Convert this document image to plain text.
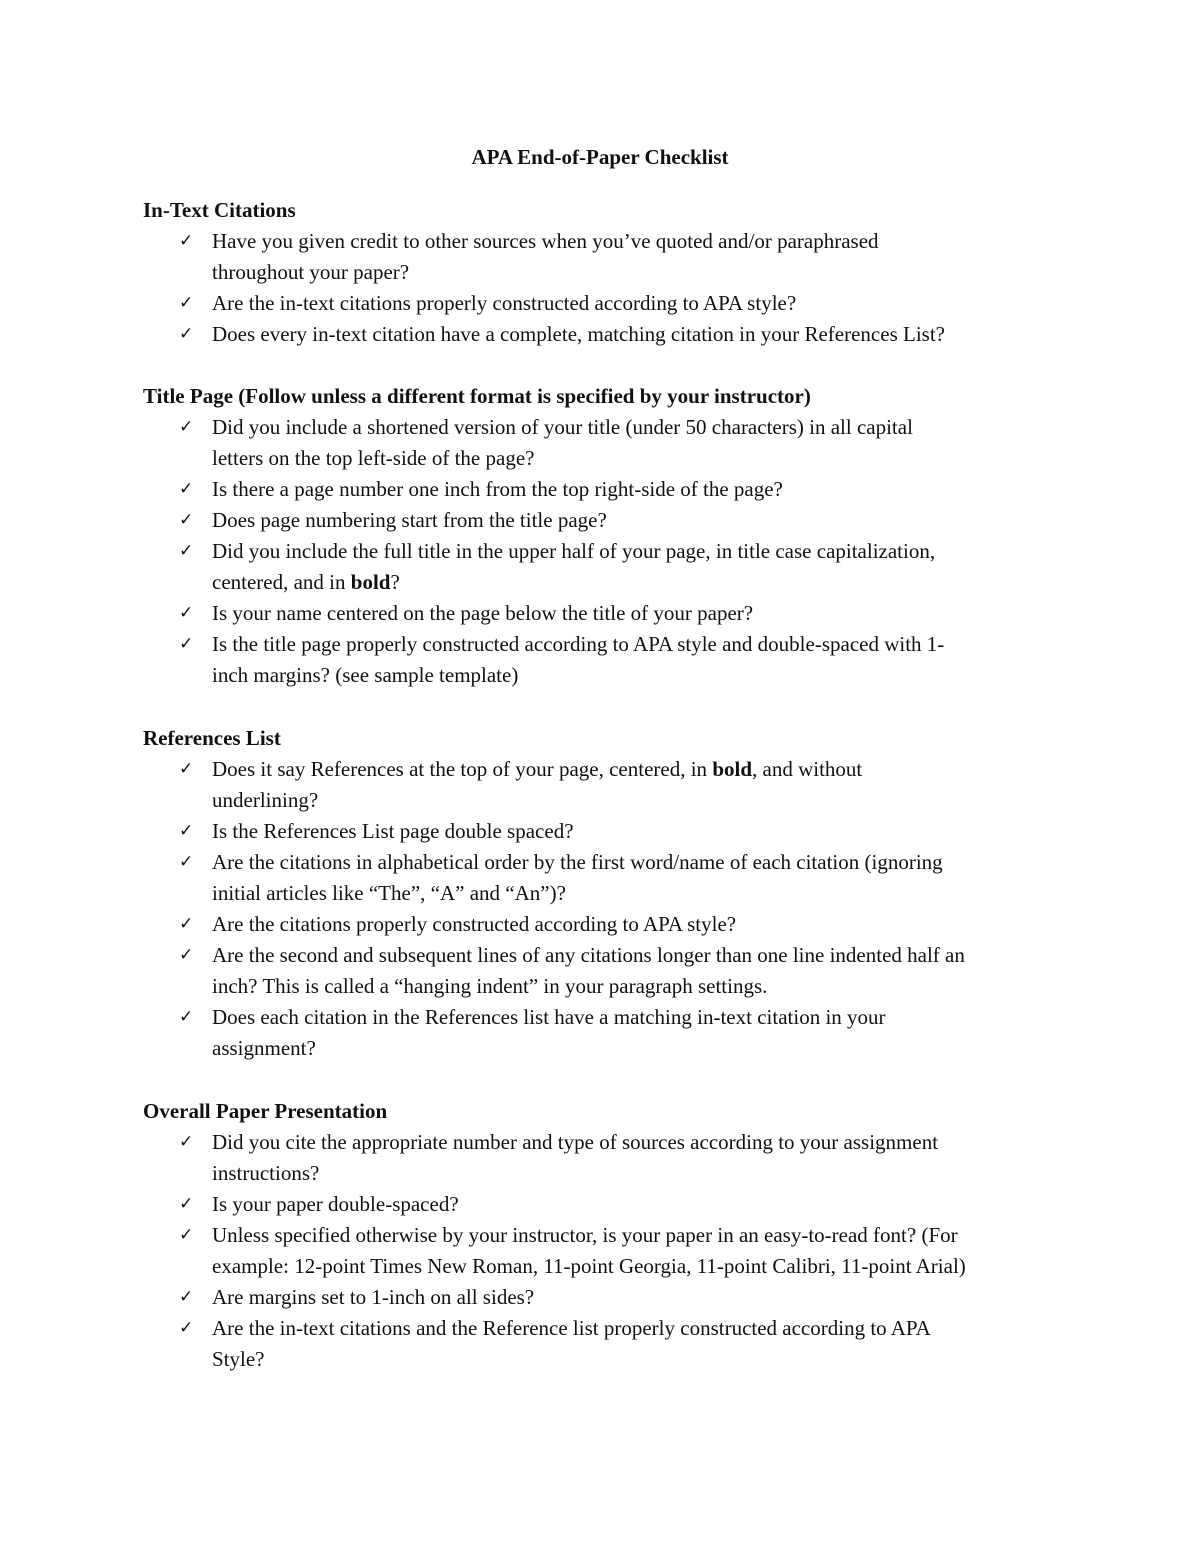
APA End-of-Paper Checklist
In-Text Citations
✓ Have you given credit to other sources when you’ve quoted and/or paraphrased
throughout your paper?
✓ Are the in-text citations properly constructed according to APA style?
✓ Does every in-text citation have a complete, matching citation in your References List?
Title Page (Follow unless a different format is specified by your instructor)
✓ Did you include a shortened version of your title (under 50 characters) in all capital
letters on the top left-side of the page?
✓ Is there a page number one inch from the top right-side of the page?
✓ Does page numbering start from the title page?
✓ Did you include the full title in the upper half of your page, in title case capitalization,
centered, and in bold?
✓ Is your name centered on the page below the title of your paper?
✓ Is the title page properly constructed according to APA style and double-spaced with 1-
inch margins? (see sample template)
References List
✓ Does it say References at the top of your page, centered, in bold, and without
underlining?
✓ Is the References List page double spaced?
✓ Are the citations in alphabetical order by the first word/name of each citation (ignoring
initial articles like “The”, “A” and “An”)?
✓ Are the citations properly constructed according to APA style?
✓ Are the second and subsequent lines of any citations longer than one line indented half an
inch? This is called a “hanging indent” in your paragraph settings.
✓ Does each citation in the References list have a matching in-text citation in your
assignment?
Overall Paper Presentation
✓ Did you cite the appropriate number and type of sources according to your assignment
instructions?
✓ Is your paper double-spaced?
✓ Unless specified otherwise by your instructor, is your paper in an easy-to-read font? (For
example: 12-point Times New Roman, 11-point Georgia, 11-point Calibri, 11-point Arial)
✓ Are margins set to 1-inch on all sides?
✓ Are the in-text citations and the Reference list properly constructed according to APA
Style?
